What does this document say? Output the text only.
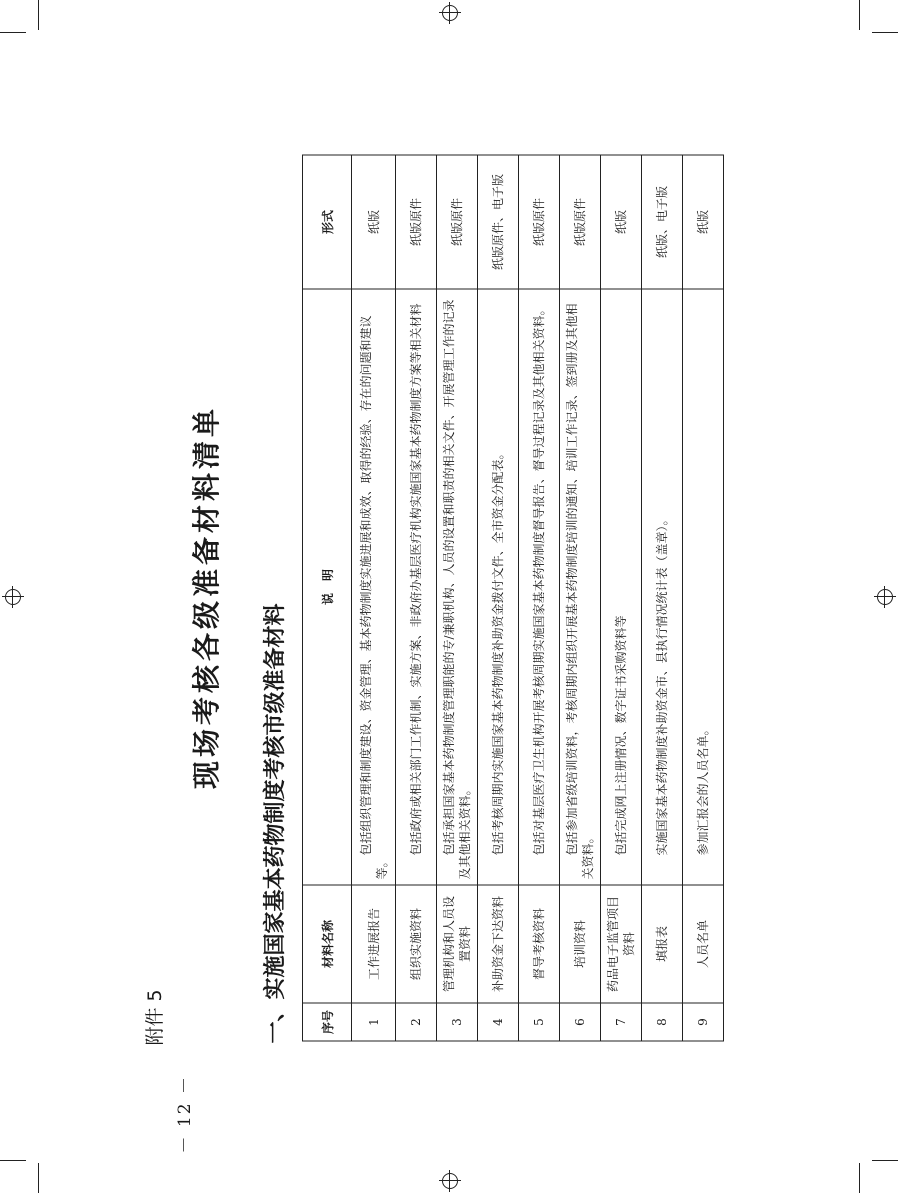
－ 12 －
附件 5
现场考核各级准备材料清单
一、实施国家基本药物制度考核市级准备材料	序号	材料名称	说　明	形式
1	工作进展报告	包括组织管理和制度建设、资金管理、基本药物制度实施进展和成效、取得的经验、存在的问题和建议等。	纸版
2	组织实施资料	包括政府或相关部门工作机制、实施方案、非政府办基层医疗机构实施国家基本药物制度方案等相关材料	纸版原件
3	管理机构和人员设置资料	包括承担国家基本药物制度管理职能的专/兼职机构、人员的设置和职责的相关文件、开展管理工作的记录及其他相关资料。	纸版原件
4	补助资金下达资料	包括考核周期内实施国家基本药物制度补助资金拨付文件、全市资金分配表。	纸版原件、电子版
5	督导考核资料	包括对基层医疗卫生机构开展考核周期实施国家基本药物制度督导报告、督导过程记录及其他相关资料。	纸版原件
6	培训资料	包括参加省级培训资料，考核周期内组织开展基本药物制度培训的通知、培训工作记录、签到册及其他相关资料。	纸版原件
7	药品电子监管项目资料	包括完成网上注册情况、数字证书采购资料等	纸版
8	填报表	实施国家基本药物制度补助资金市、县执行情况统计表（盖章）。	纸版、电子版
9	人员名单	参加汇报会的人员名单。	纸版
